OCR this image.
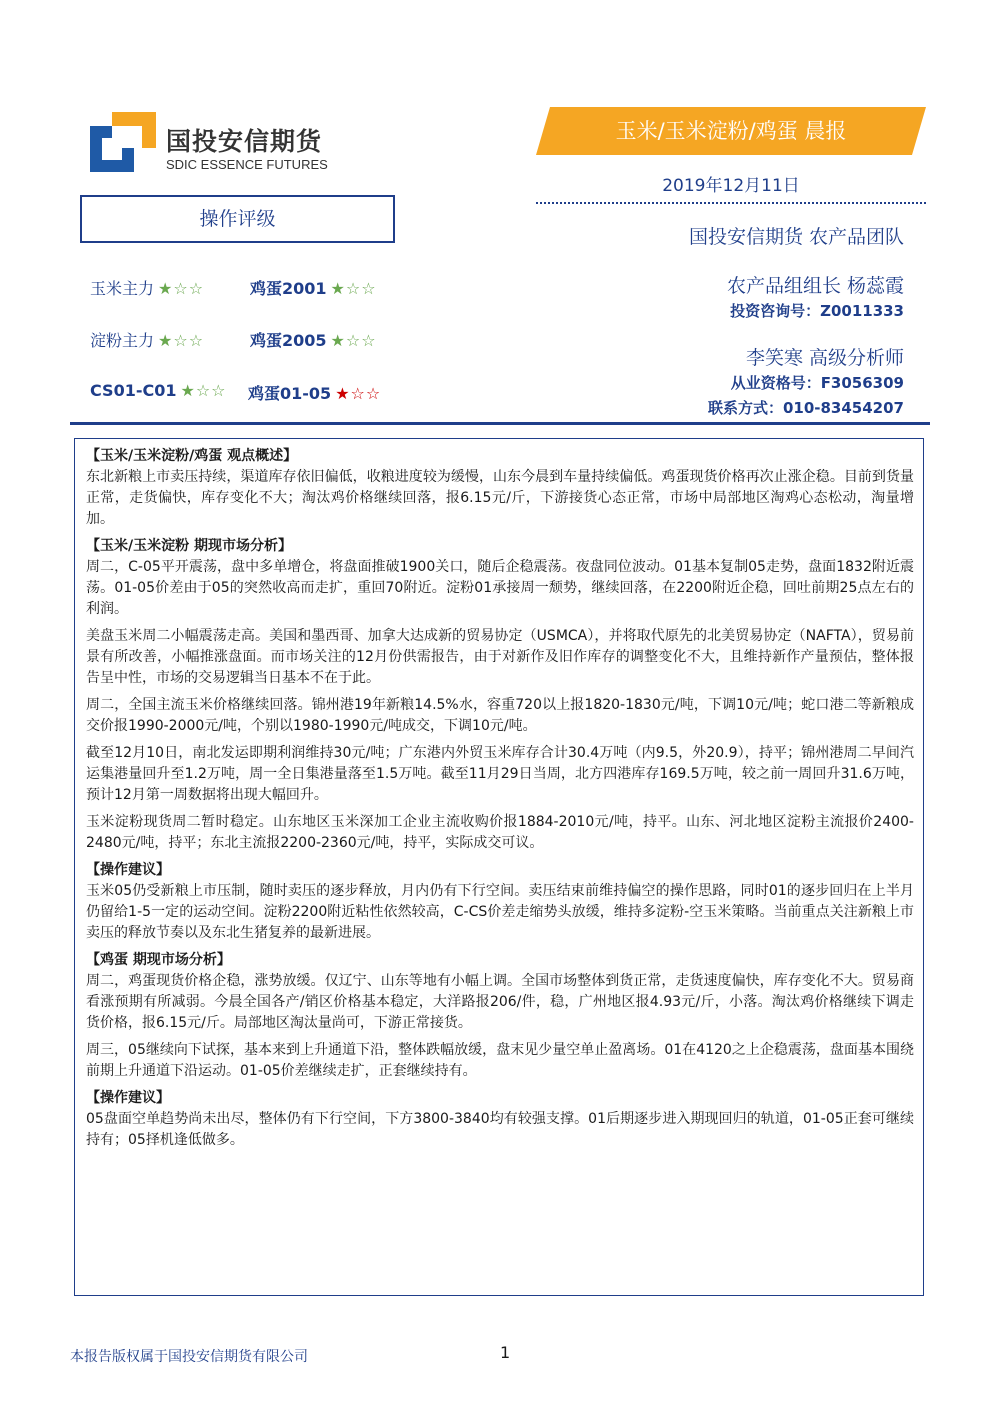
国投安信期货
SDIC ESSENCE FUTURES
玉米/玉米淀粉/鸡蛋 晨报
2019年12月11日
国投安信期货 农产品团队
农产品组组长 杨蕊霞
投资咨询号：Z0011333
李笑寒 高级分析师
从业资格号：F3056309
联系方式：010-83454207
操作评级
玉米主力 ★☆☆	鸡蛋2001 ★☆☆
淀粉主力 ★☆☆	鸡蛋2005 ★☆☆
CS01-C01 ★☆☆ 鸡蛋01-05 ★☆☆
【玉米/玉米淀粉/鸡蛋 观点概述】

东北新粮上市卖压持续，渠道库存依旧偏低，收粮进度较为缓慢，山东今晨到车量持续偏低。鸡蛋现货价格再次止涨企稳。目前到货量正常，走货偏快，库存变化不大；淘汰鸡价格继续回落，报6.15元/斤，下游接货心态正常，市场中局部地区淘鸡心态松动，淘量增加。

【玉米/玉米淀粉 期现市场分析】

周二，C-05平开震荡，盘中多单增仓，将盘面推破1900关口，随后企稳震荡。夜盘同位波动。01基本复制05走势，盘面1832附近震荡。01-05价差由于05的突然收高而走扩，重回70附近。淀粉01承接周一颓势，继续回落，在2200附近企稳，回吐前期25点左右的利润。

美盘玉米周二小幅震荡走高。美国和墨西哥、加拿大达成新的贸易协定（USMCA），并将取代原先的北美贸易协定（NAFTA），贸易前景有所改善，小幅推涨盘面。而市场关注的12月份供需报告，由于对新作及旧作库存的调整变化不大，且维持新作产量预估，整体报告呈中性，市场的交易逻辑当日基本不在于此。

周二，全国主流玉米价格继续回落。锦州港19年新粮14.5%水，容重720以上报1820-1830元/吨，下调10元/吨；蛇口港二等新粮成交价报1990-2000元/吨，个别以1980-1990元/吨成交，下调10元/吨。

截至12月10日，南北发运即期利润维持30元/吨；广东港内外贸玉米库存合计30.4万吨（内9.5，外20.9），持平；锦州港周二早间汽运集港量回升至1.2万吨，周一全日集港量落至1.5万吨。截至11月29日当周，北方四港库存169.5万吨，较之前一周回升31.6万吨，预计12月第一周数据将出现大幅回升。

玉米淀粉现货周二暂时稳定。山东地区玉米深加工企业主流收购价报1884-2010元/吨，持平。山东、河北地区淀粉主流报价2400-2480元/吨，持平；东北主流报2200-2360元/吨，持平，实际成交可议。

【操作建议】

玉米05仍受新粮上市压制，随时卖压的逐步释放，月内仍有下行空间。卖压结束前维持偏空的操作思路，同时01的逐步回归在上半月仍留给1-5一定的运动空间。淀粉2200附近粘性依然较高，C-CS价差走缩势头放缓，维持多淀粉-空玉米策略。当前重点关注新粮上市卖压的释放节奏以及东北生猪复养的最新进展。

【鸡蛋 期现市场分析】

周二，鸡蛋现货价格企稳，涨势放缓。仅辽宁、山东等地有小幅上调。全国市场整体到货正常，走货速度偏快，库存变化不大。贸易商看涨预期有所减弱。今晨全国各产/销区价格基本稳定，大洋路报206/件，稳，广州地区报4.93元/斤，小落。淘汰鸡价格继续下调走货价格，报6.15元/斤。局部地区淘汰量尚可，下游正常接货。

周三，05继续向下试探，基本来到上升通道下沿，整体跌幅放缓，盘末见少量空单止盈离场。01在4120之上企稳震荡，盘面基本围绕前期上升通道下沿运动。01-05价差继续走扩，正套继续持有。

【操作建议】

05盘面空单趋势尚未出尽，整体仍有下行空间，下方3800-3840均有较强支撑。01后期逐步进入期现回归的轨道，01-05正套可继续持有；05择机逢低做多。

本报告版权属于国投安信期货有限公司	1
